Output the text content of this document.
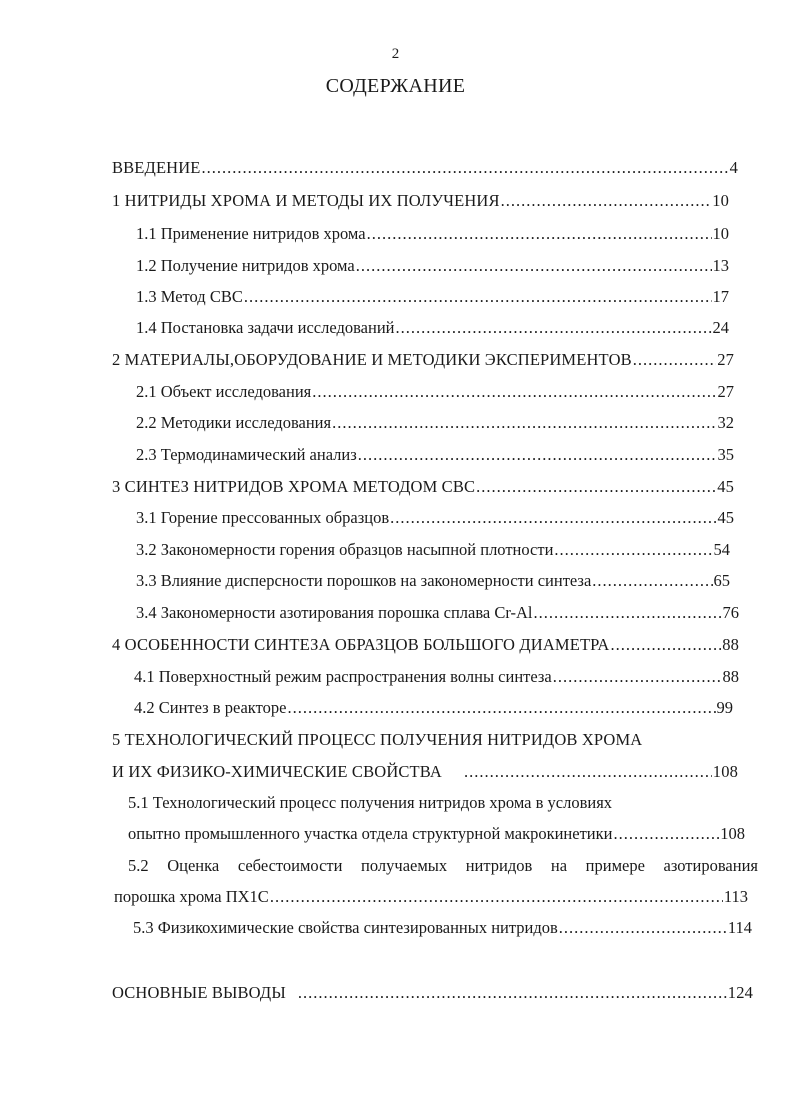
2
СОДЕРЖАНИЕ
ВВЕДЕНИЕ .....	4
1 НИТРИДЫ ХРОМА И МЕТОДЫ ИХ ПОЛУЧЕНИЯ .....	10
1.1 Применение нитридов хрома .....	10
1.2 Получение нитридов хрома .....	13
1.3 Метод СВС .....	17
1.4 Постановка задачи исследований .....	24
2 МАТЕРИАЛЫ,ОБОРУДОВАНИЕ И МЕТОДИКИ ЭКСПЕРИМЕНТОВ .....	27
2.1 Объект исследования .....	27
2.2 Методики исследования .....	32
2.3 Термодинамический анализ .....	35
3 СИНТЕЗ НИТРИДОВ ХРОМА МЕТОДОМ СВС .....	45
3.1 Горение прессованных образцов .....	45
3.2 Закономерности горения образцов насыпной плотности .....	54
3.3 Влияние дисперсности порошков на закономерности синтеза .....	65
3.4 Закономерности азотирования порошка сплава Cr-Al .....	76
4 ОСОБЕННОСТИ СИНТЕЗА ОБРАЗЦОВ БОЛЬШОГО ДИАМЕТРА .....	88
4.1 Поверхностный режим распространения волны синтеза .....	88
4.2 Синтез в реакторе .....	99
5 ТЕХНОЛОГИЧЕСКИЙ ПРОЦЕСС ПОЛУЧЕНИЯ НИТРИДОВ ХРОМА
И ИХ ФИЗИКО-ХИМИЧЕСКИЕ СВОЙСТВА .....	108
5.1 Технологический процесс получения нитридов хрома в условиях
опытно промышленного участка отдела структурной макрокинетики .....	108
5.2 Оценка себестоимости получаемых нитридов на примере азотирования
порошка хрома ПХ1С .....	113
5.3 Физикохимические свойства синтезированных нитридов .....	114
ОСНОВНЫЕ ВЫВОДЫ .....	124
